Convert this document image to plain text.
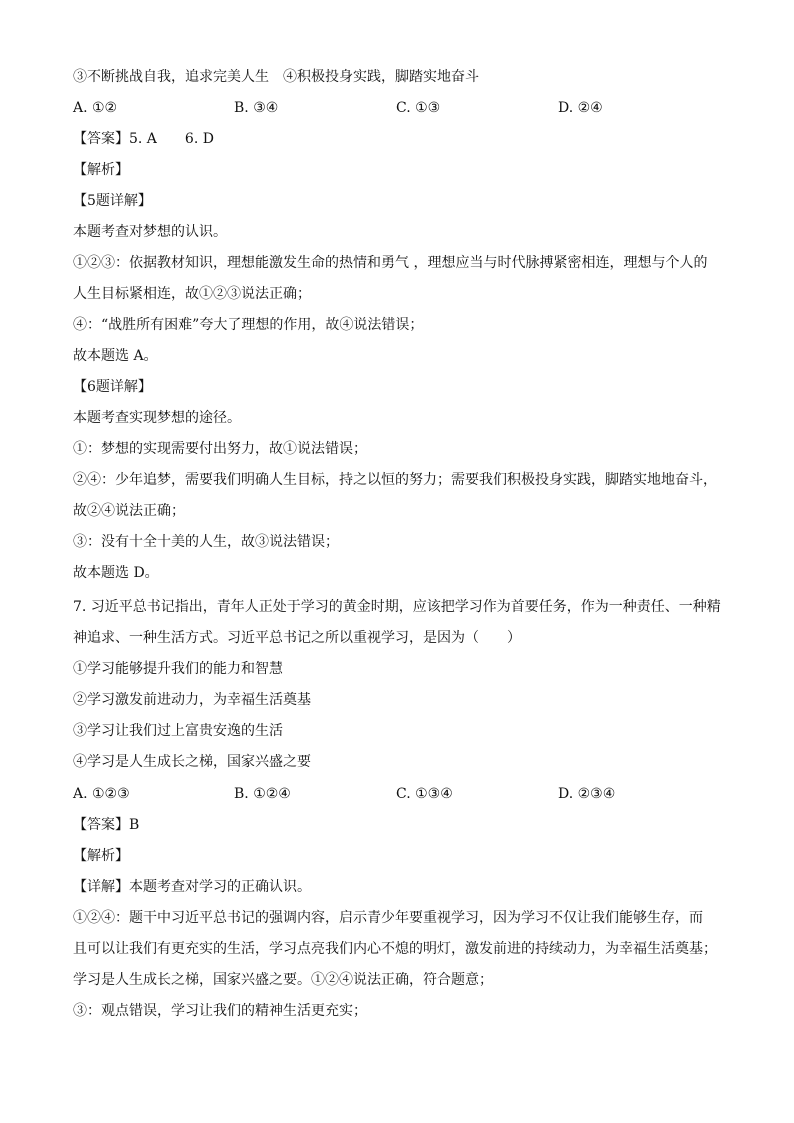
③不断挑战自我，追求完美人生　④积极投身实践，脚踏实地奋斗
A. ①②	B. ③④	C. ①③	D. ②④
【答案】5. A　　6. D
【解析】
【5题详解】
本题考查对梦想的认识。
①②③：依据教材知识，理想能激发生命的热情和勇气 ，理想应当与时代脉搏紧密相连，理想与个人的
人生目标紧相连，故①②③说法正确；
④：“战胜所有困难”夸大了理想的作用，故④说法错误；
故本题选 A。
【6题详解】
本题考查实现梦想的途径。
①：梦想的实现需要付出努力，故①说法错误；
②④：少年追梦，需要我们明确人生目标，持之以恒的努力；需要我们积极投身实践，脚踏实地地奋斗，
故②④说法正确；
③：没有十全十美的人生，故③说法错误；
故本题选 D。
7. 习近平总书记指出，青年人正处于学习的黄金时期，应该把学习作为首要任务，作为一种责任、一种精
神追求、一种生活方式。习近平总书记之所以重视学习，是因为（　　）
①学习能够提升我们的能力和智慧
②学习激发前进动力，为幸福生活奠基
③学习让我们过上富贵安逸的生活
④学习是人生成长之梯，国家兴盛之要
A. ①②③	B. ①②④	C. ①③④	D. ②③④
【答案】B
【解析】
【详解】本题考查对学习的正确认识。
①②④：题干中习近平总书记的强调内容，启示青少年要重视学习，因为学习不仅让我们能够生存，而
且可以让我们有更充实的生活，学习点亮我们内心不熄的明灯，激发前进的持续动力，为幸福生活奠基；
学习是人生成长之梯，国家兴盛之要。①②④说法正确，符合题意；
③：观点错误，学习让我们的精神生活更充实；
